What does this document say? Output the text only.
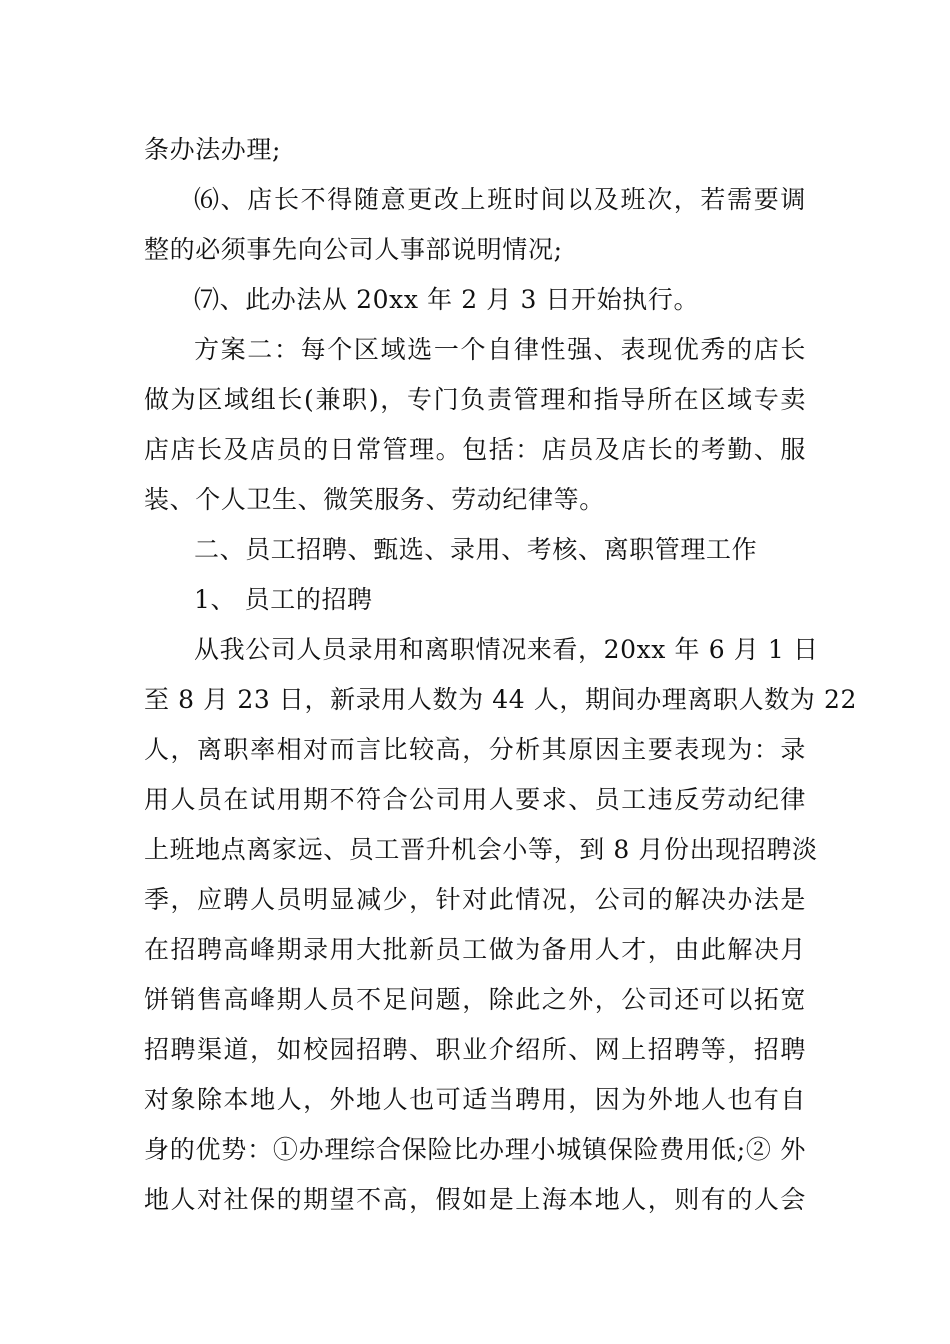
条办法办理;
⑹、店长不得随意更改上班时间以及班次，若需要调
整的必须事先向公司人事部说明情况;
⑺、此办法从 20xx 年 2 月 3 日开始执行。
方案二：每个区域选一个自律性强、表现优秀的店长
做为区域组长(兼职)，专门负责管理和指导所在区域专卖
店店长及店员的日常管理。包括：店员及店长的考勤、服
装、个人卫生、微笑服务、劳动纪律等。
二、员工招聘、甄选、录用、考核、离职管理工作
1、 员工的招聘
从我公司人员录用和离职情况来看，20xx 年 6 月 1 日
至 8 月 23 日，新录用人数为 44 人，期间办理离职人数为 22
人，离职率相对而言比较高，分析其原因主要表现为：录
用人员在试用期不符合公司用人要求、员工违反劳动纪律
上班地点离家远、员工晋升机会小等，到 8 月份出现招聘淡
季，应聘人员明显减少，针对此情况，公司的解决办法是
在招聘高峰期录用大批新员工做为备用人才，由此解决月
饼销售高峰期人员不足问题，除此之外，公司还可以拓宽
招聘渠道，如校园招聘、职业介绍所、网上招聘等，招聘
对象除本地人，外地人也可适当聘用，因为外地人也有自
身的优势：①办理综合保险比办理小城镇保险费用低;② 外
地人对社保的期望不高，假如是上海本地人，则有的人会
